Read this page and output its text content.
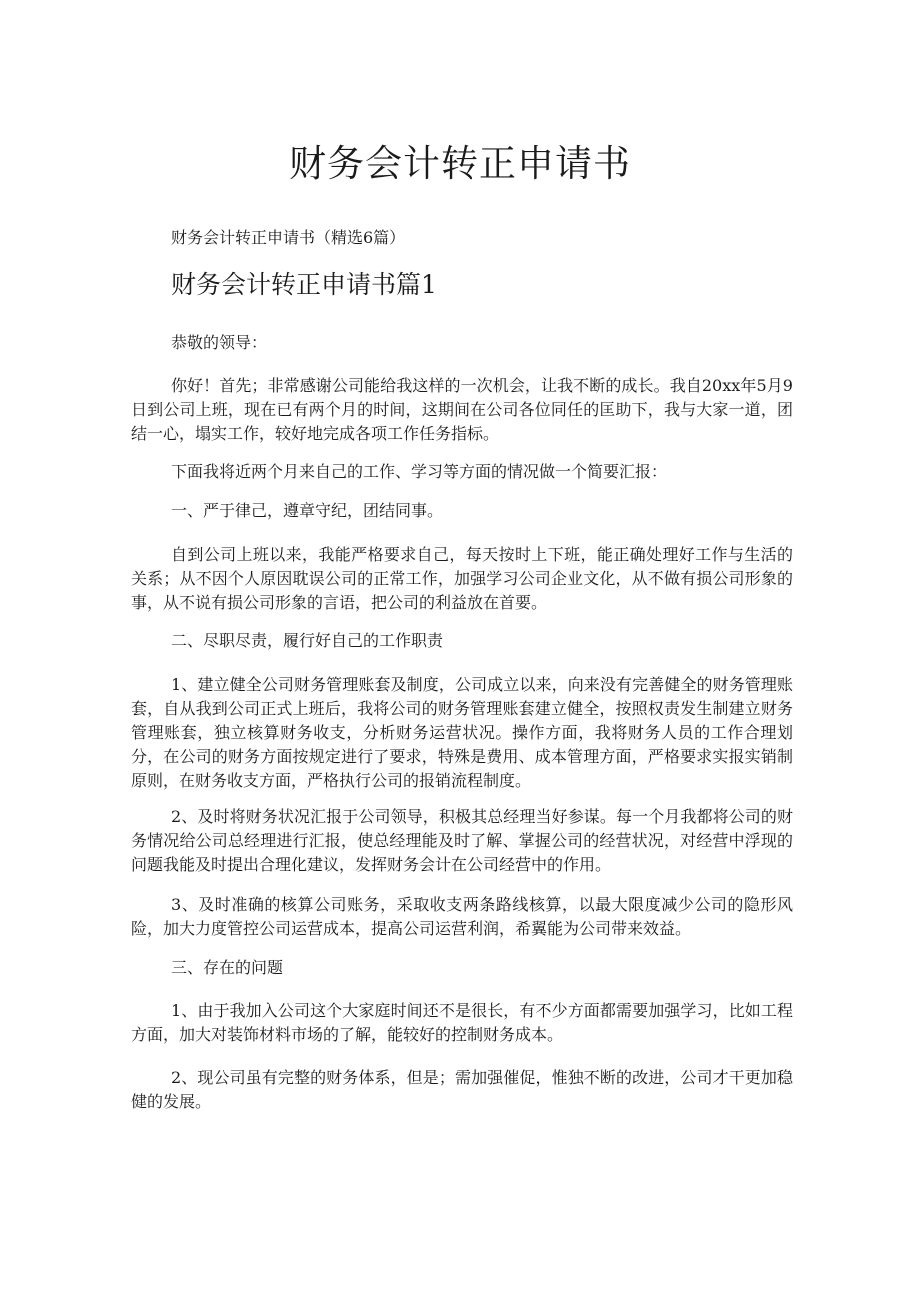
财务会计转正申请书

财务会计转正申请书（精选6篇）

财务会计转正申请书篇1

恭敬的领导：

你好！首先；非常感谢公司能给我这样的一次机会，让我不断的成长。我自20xx年5月9日到公司上班，现在已有两个月的时间，这期间在公司各位同任的匡助下，我与大家一道，团结一心，塌实工作，较好地完成各项工作任务指标。

下面我将近两个月来自己的工作、学习等方面的情况做一个简要汇报：

一、严于律己，遵章守纪，团结同事。

自到公司上班以来，我能严格要求自己，每天按时上下班，能正确处理好工作与生活的关系；从不因个人原因耽误公司的正常工作，加强学习公司企业文化，从不做有损公司形象的事，从不说有损公司形象的言语，把公司的利益放在首要。

二、尽职尽责，履行好自己的工作职责

1、建立健全公司财务管理账套及制度，公司成立以来，向来没有完善健全的财务管理账套，自从我到公司正式上班后，我将公司的财务管理账套建立健全，按照权责发生制建立财务管理账套，独立核算财务收支，分析财务运营状况。操作方面，我将财务人员的工作合理划分，在公司的财务方面按规定进行了要求，特殊是费用、成本管理方面，严格要求实报实销制原则，在财务收支方面，严格执行公司的报销流程制度。

2、及时将财务状况汇报于公司领导，积极其总经理当好参谋。每一个月我都将公司的财务情况给公司总经理进行汇报，使总经理能及时了解、掌握公司的经营状况，对经营中浮现的问题我能及时提出合理化建议，发挥财务会计在公司经营中的作用。

3、及时准确的核算公司账务，采取收支两条路线核算，以最大限度减少公司的隐形风险，加大力度管控公司运营成本，提高公司运营利润，希翼能为公司带来效益。

三、存在的问题

1、由于我加入公司这个大家庭时间还不是很长，有不少方面都需要加强学习，比如工程方面，加大对装饰材料市场的了解，能较好的控制财务成本。

2、现公司虽有完整的财务体系，但是；需加强催促，惟独不断的改进，公司才干更加稳健的发展。
